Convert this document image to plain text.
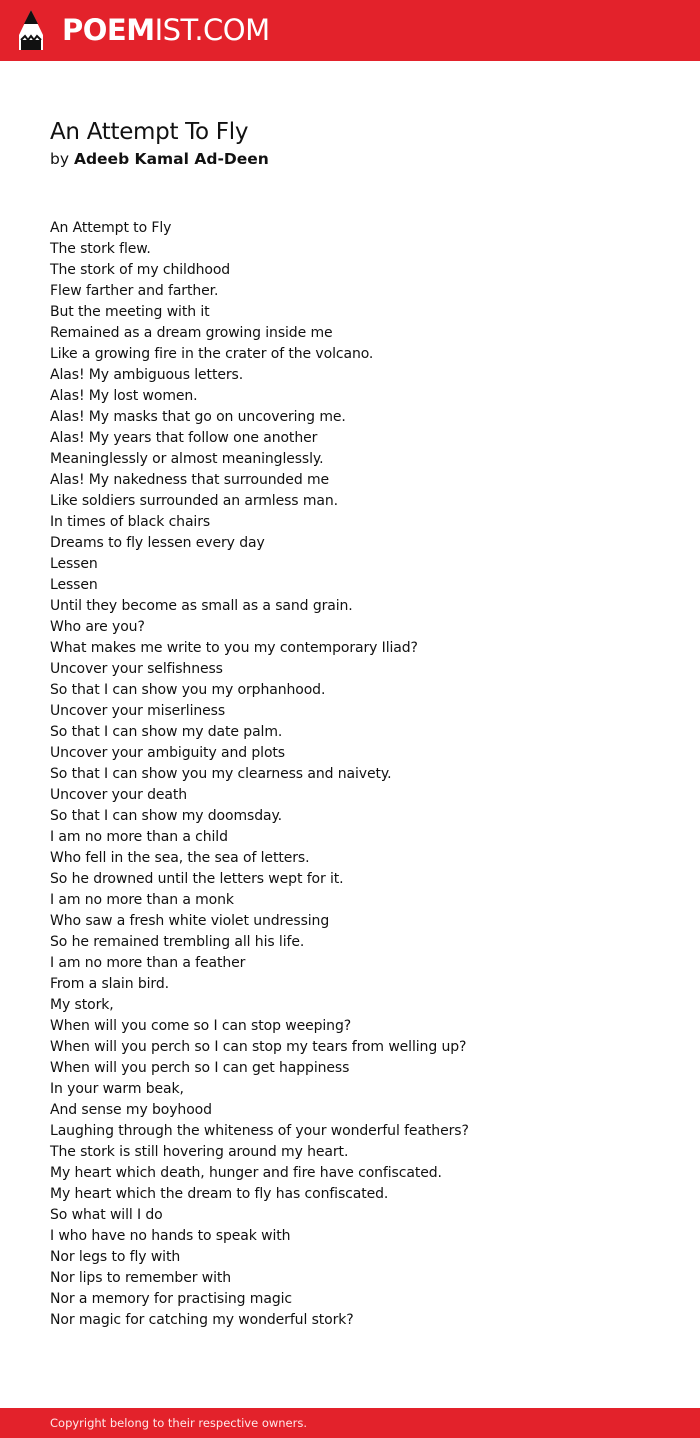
POEMIST.COM
An Attempt To Fly
by Adeeb Kamal Ad-Deen
An Attempt to Fly
The stork flew.
The stork of my childhood
Flew farther and farther.
But the meeting with it
Remained as a dream growing inside me
Like a growing fire in the crater of the volcano.
Alas! My ambiguous letters.
Alas! My lost women.
Alas! My masks that go on uncovering me.
Alas! My years that follow one another
Meaninglessly or almost meaninglessly.
Alas! My nakedness that surrounded me
Like soldiers surrounded an armless man.
In times of black chairs
Dreams to fly lessen every day
Lessen
Lessen
Until they become as small as a sand grain.
Who are you?
What makes me write to you my contemporary Iliad?
Uncover your selfishness
So that I can show you my orphanhood.
Uncover your miserliness
So that I can show my date palm.
Uncover your ambiguity and plots
So that I can show you my clearness and naivety.
Uncover your death
So that I can show my doomsday.
I am no more than a child
Who fell in the sea, the sea of letters.
So he drowned until the letters wept for it.
I am no more than a monk
Who saw a fresh white violet undressing
So he remained trembling all his life.
I am no more than a feather
From a slain bird.
My stork,
When will you come so I can stop weeping?
When will you perch so I can stop my tears from welling up?
When will you perch so I can get happiness
In your warm beak,
And sense my boyhood
Laughing through the whiteness of your wonderful feathers?
The stork is still hovering around my heart.
My heart which death, hunger and fire have confiscated.
My heart which the dream to fly has confiscated.
So what will I do
I who have no hands to speak with
Nor legs to fly with
Nor lips to remember with
Nor a memory for practising magic
Nor magic for catching my wonderful stork?
Copyright belong to their respective owners.
